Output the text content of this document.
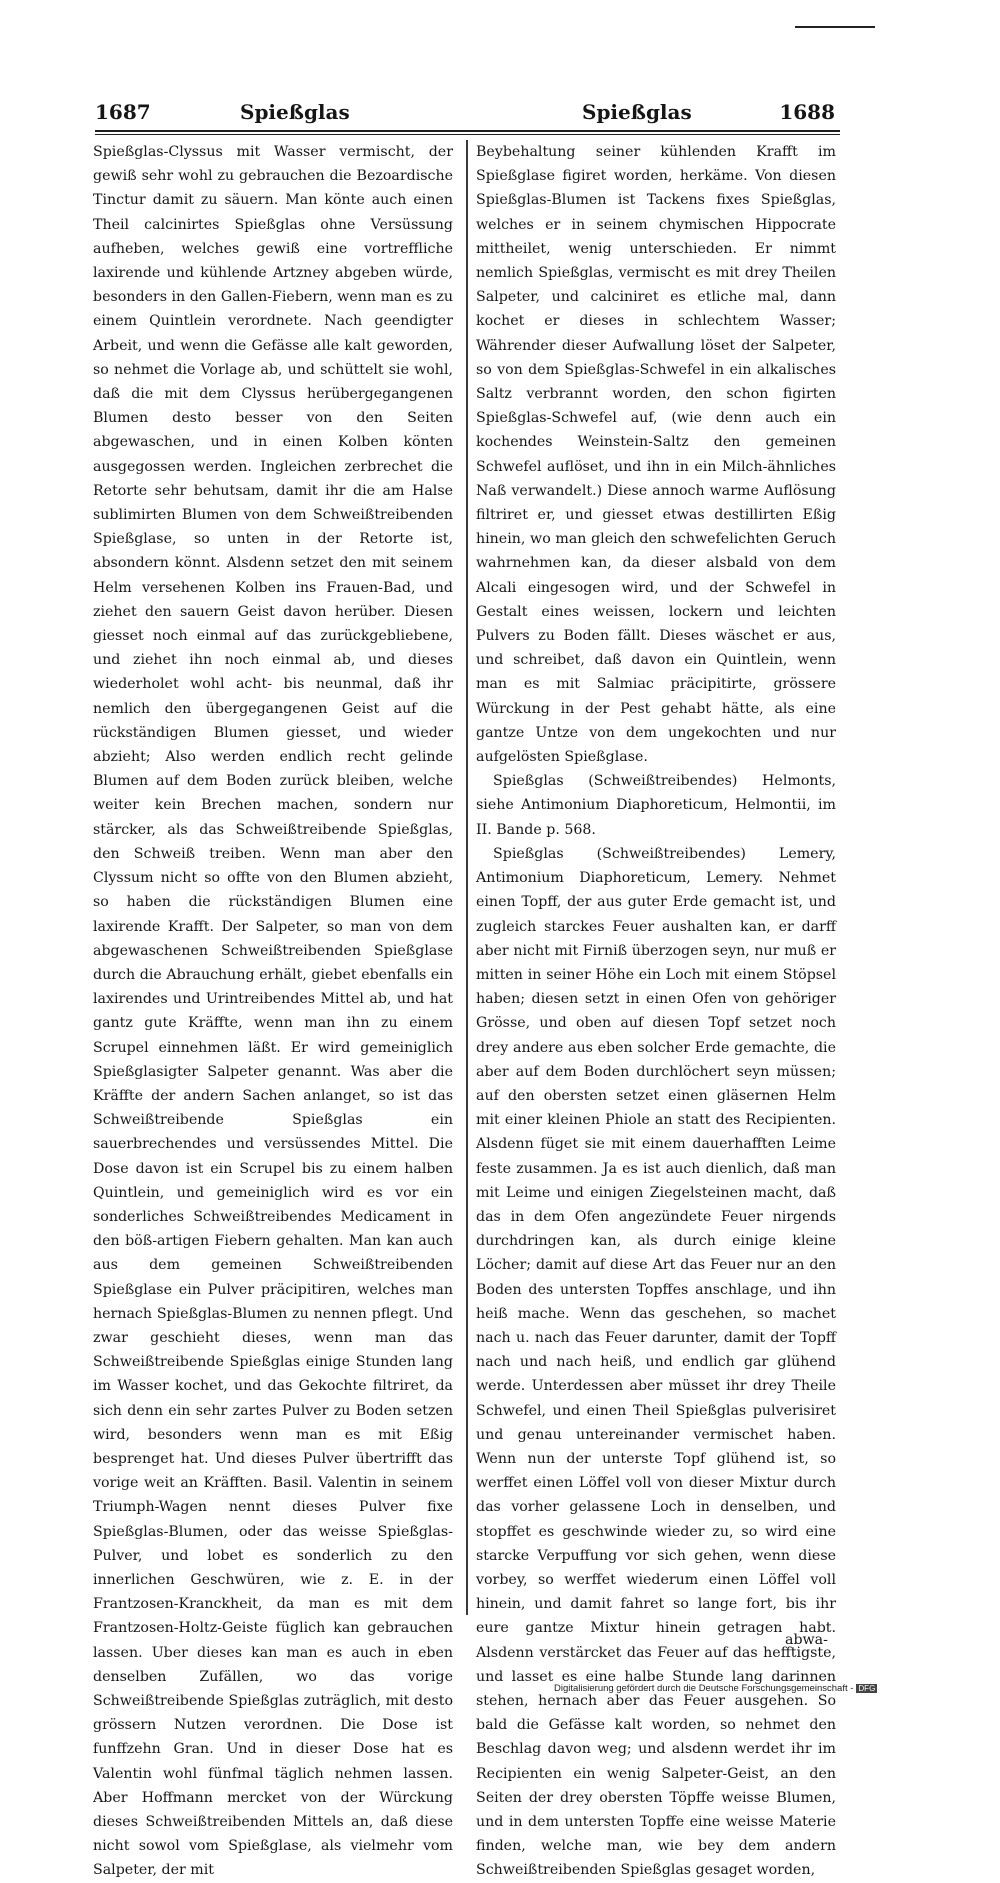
1687	Spießglas	Spießglas	1688

Spießglas-Clyssus mit Wasser vermischt, der gewiß sehr wohl zu gebrauchen die Bezoardische Tinctur damit zu säuern. Man könte auch einen Theil calcinirtes Spießglas ohne Versüssung aufheben, welches gewiß eine vortreffliche laxirende und kühlende Artzney abgeben würde, besonders in den Gallen-Fiebern, wenn man es zu einem Quintlein verordnete. Nach geendigter Arbeit, und wenn die Gefässe alle kalt geworden, so nehmet die Vorlage ab, und schüttelt sie wohl, daß die mit dem Clyssus herübergegangenen Blumen desto besser von den Seiten abgewaschen, und in einen Kolben könten ausgegossen werden. Ingleichen zerbrechet die Retorte sehr behutsam, damit ihr die am Halse sublimirten Blumen von dem Schweißtreibenden Spießglase, so unten in der Retorte ist, absondern könnt. Alsdenn setzet den mit seinem Helm versehenen Kolben ins Frauen-Bad, und ziehet den sauern Geist davon herüber. Diesen giesset noch einmal auf das zurückgebliebene, und ziehet ihn noch einmal ab, und dieses wiederholet wohl acht- bis neunmal, daß ihr nemlich den übergegangenen Geist auf die rückständigen Blumen giesset, und wieder abzieht; Also werden endlich recht gelinde Blumen auf dem Boden zurück bleiben, welche weiter kein Brechen machen, sondern nur stärcker, als das Schweißtreibende Spießglas, den Schweiß treiben. Wenn man aber den Clyssum nicht so offte von den Blumen abzieht, so haben die rückständigen Blumen eine laxirende Krafft. Der Salpeter, so man von dem abgewaschenen Schweißtreibenden Spießglase durch die Abrauchung erhält, giebet ebenfalls ein laxirendes und Urintreibendes Mittel ab, und hat gantz gute Kräffte, wenn man ihn zu einem Scrupel einnehmen läßt. Er wird gemeiniglich Spießglasigter Salpeter genannt. Was aber die Kräffte der andern Sachen anlanget, so ist das Schweißtreibende Spießglas ein sauerbrechendes und versüssendes Mittel. Die Dose davon ist ein Scrupel bis zu einem halben Quintlein, und gemeiniglich wird es vor ein sonderliches Schweißtreibendes Medicament in den böß-artigen Fiebern gehalten. Man kan auch aus dem gemeinen Schweißtreibenden Spießglase ein Pulver präcipitiren, welches man hernach Spießglas-Blumen zu nennen pflegt. Und zwar geschieht dieses, wenn man das Schweißtreibende Spießglas einige Stunden lang im Wasser kochet, und das Gekochte filtriret, da sich denn ein sehr zartes Pulver zu Boden setzen wird, besonders wenn man es mit Eßig besprenget hat. Und dieses Pulver übertrifft das vorige weit an Kräfften. Basil. Valentin in seinem Triumph-Wagen nennt dieses Pulver fixe Spießglas-Blumen, oder das weisse Spießglas-Pulver, und lobet es sonderlich zu den innerlichen Geschwüren, wie z. E. in der Frantzosen-Kranckheit, da man es mit dem Frantzosen-Holtz-Geiste füglich kan gebrauchen lassen. Uber dieses kan man es auch in eben denselben Zufällen, wo das vorige Schweißtreibende Spießglas zuträglich, mit desto grössern Nutzen verordnen. Die Dose ist funffzehn Gran. Und in dieser Dose hat es Valentin wohl fünfmal täglich nehmen lassen. Aber Hoffmann mercket von der Würckung dieses Schweißtreibenden Mittels an, daß diese nicht sowol vom Spießglase, als vielmehr vom Salpeter, der mit

Beybehaltung seiner kühlenden Krafft im Spießglase figiret worden, herkäme. Von diesen Spießglas-Blumen ist Tackens fixes Spießglas, welches er in seinem chymischen Hippocrate mittheilet, wenig unterschieden. Er nimmt nemlich Spießglas, vermischt es mit drey Theilen Salpeter, und calciniret es etliche mal, dann kochet er dieses in schlechtem Wasser; Währender dieser Aufwallung löset der Salpeter, so von dem Spießglas-Schwefel in ein alkalisches Saltz verbrannt worden, den schon figirten Spießglas-Schwefel auf, (wie denn auch ein kochendes Weinstein-Saltz den gemeinen Schwefel auflöset, und ihn in ein Milch-ähnliches Naß verwandelt.) Diese annoch warme Auflösung filtriret er, und giesset etwas destillirten Eßig hinein, wo man gleich den schwefelichten Geruch wahrnehmen kan, da dieser alsbald von dem Alcali eingesogen wird, und der Schwefel in Gestalt eines weissen, lockern und leichten Pulvers zu Boden fällt. Dieses wäschet er aus, und schreibet, daß davon ein Quintlein, wenn man es mit Salmiac präcipitirte, grössere Würckung in der Pest gehabt hätte, als eine gantze Untze von dem ungekochten und nur aufgelösten Spießglase.

Spießglas (Schweißtreibendes) Helmonts, siehe Antimonium Diaphoreticum, Helmontii, im II. Bande p. 568.

Spießglas (Schweißtreibendes) Lemery, Antimonium Diaphoreticum, Lemery. Nehmet einen Topff, der aus guter Erde gemacht ist, und zugleich starckes Feuer aushalten kan, er darff aber nicht mit Firniß überzogen seyn, nur muß er mitten in seiner Höhe ein Loch mit einem Stöpsel haben; diesen setzt in einen Ofen von gehöriger Grösse, und oben auf diesen Topf setzet noch drey andere aus eben solcher Erde gemachte, die aber auf dem Boden durchlöchert seyn müssen; auf den obersten setzet einen gläsernen Helm mit einer kleinen Phiole an statt des Recipienten. Alsdenn füget sie mit einem dauerhafften Leime feste zusammen. Ja es ist auch dienlich, daß man mit Leime und einigen Ziegelsteinen macht, daß das in dem Ofen angezündete Feuer nirgends durchdringen kan, als durch einige kleine Löcher; damit auf diese Art das Feuer nur an den Boden des untersten Topffes anschlage, und ihn heiß mache. Wenn das geschehen, so machet nach u. nach das Feuer darunter, damit der Topff nach und nach heiß, und endlich gar glühend werde. Unterdessen aber müsset ihr drey Theile Schwefel, und einen Theil Spießglas pulverisiret und genau untereinander vermischet haben. Wenn nun der unterste Topf glühend ist, so werffet einen Löffel voll von dieser Mixtur durch das vorher gelassene Loch in denselben, und stopffet es geschwinde wieder zu, so wird eine starcke Verpuffung vor sich gehen, wenn diese vorbey, so werffet wiederum einen Löffel voll hinein, und damit fahret so lange fort, bis ihr eure gantze Mixtur hinein getragen habt. Alsdenn verstärcket das Feuer auf das hefftigste, und lasset es eine halbe Stunde lang darinnen stehen, hernach aber das Feuer ausgehen. So bald die Gefässe kalt worden, so nehmet den Beschlag davon weg; und alsdenn werdet ihr im Recipienten ein wenig Salpeter-Geist, an den Seiten der drey obersten Töpffe weisse Blumen, und in dem untersten Topffe eine weisse Materie finden, welche man, wie bey dem andern Schweißtreibenden Spießglas gesaget worden,

abwa-
Digitalisierung gefördert durch die Deutsche Forschungsgemeinschaft - DFG
